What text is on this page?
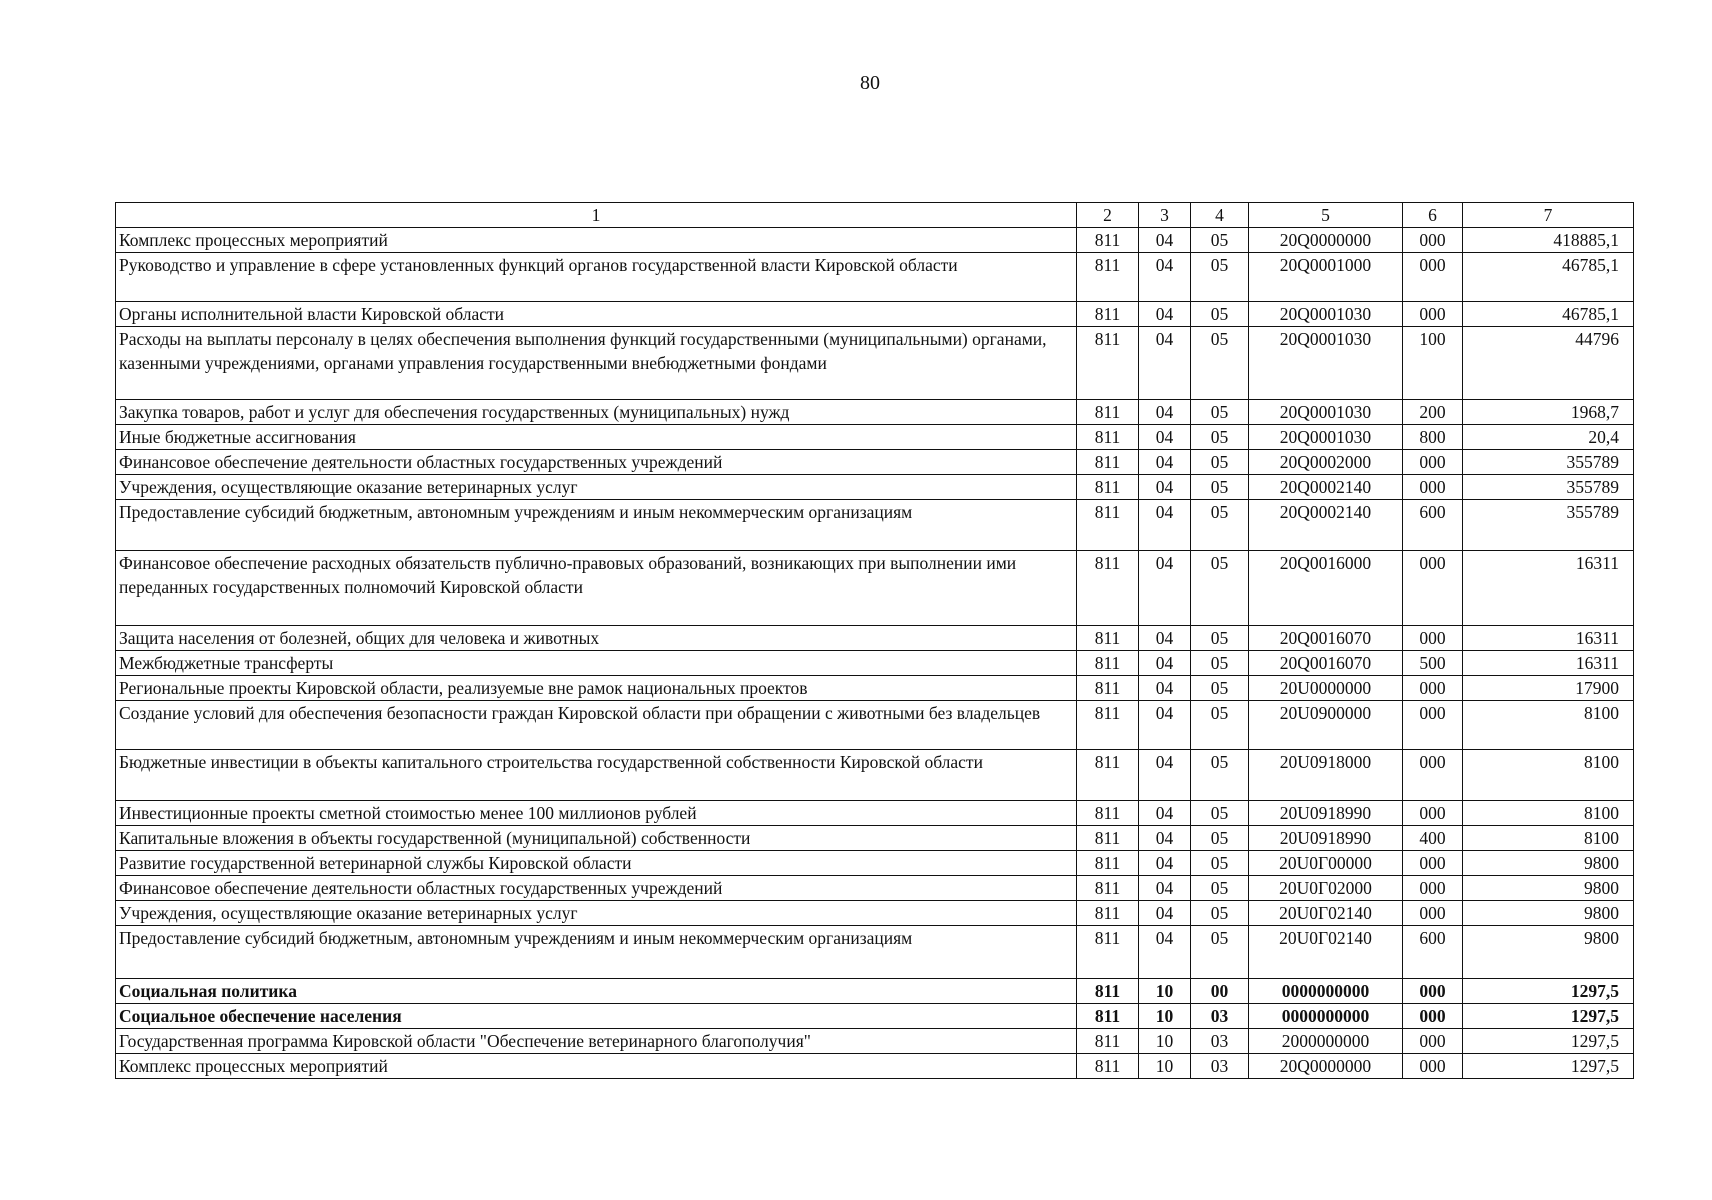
80
1	2	3	4	5	6	7
Комплекс процессных мероприятий	811	04	05	20Q0000000	000	418885,1
Руководство и управление в сфере установленных функций органов государственной власти Кировской области	811	04	05	20Q0001000	000	46785,1
Органы исполнительной власти Кировской области	811	04	05	20Q0001030	000	46785,1
Расходы на выплаты персоналу в целях обеспечения выполнения функций государственными (муниципальными) органами, казенными учреждениями, органами управления государственными внебюджетными фондами	811	04	05	20Q0001030	100	44796
Закупка товаров, работ и услуг для обеспечения государственных (муниципальных) нужд	811	04	05	20Q0001030	200	1968,7
Иные бюджетные ассигнования	811	04	05	20Q0001030	800	20,4
Финансовое обеспечение деятельности областных государственных учреждений	811	04	05	20Q0002000	000	355789
Учреждения, осуществляющие оказание ветеринарных услуг	811	04	05	20Q0002140	000	355789
Предоставление субсидий бюджетным, автономным учреждениям и иным некоммерческим организациям	811	04	05	20Q0002140	600	355789
Финансовое обеспечение расходных обязательств публично-правовых образований, возникающих при выполнении ими переданных государственных полномочий Кировской области	811	04	05	20Q0016000	000	16311
Защита населения от болезней, общих для человека и животных	811	04	05	20Q0016070	000	16311
Межбюджетные трансферты	811	04	05	20Q0016070	500	16311
Региональные проекты Кировской области, реализуемые вне рамок национальных проектов	811	04	05	20U0000000	000	17900
Создание условий для обеспечения безопасности граждан Кировской области при обращении с животными без владельцев	811	04	05	20U0900000	000	8100
Бюджетные инвестиции в объекты капитального строительства государственной собственности Кировской области	811	04	05	20U0918000	000	8100
Инвестиционные проекты сметной стоимостью менее 100 миллионов рублей	811	04	05	20U0918990	000	8100
Капитальные вложения в объекты государственной (муниципальной) собственности	811	04	05	20U0918990	400	8100
Развитие государственной ветеринарной службы Кировской области	811	04	05	20U0Г00000	000	9800
Финансовое обеспечение деятельности областных государственных учреждений	811	04	05	20U0Г02000	000	9800
Учреждения, осуществляющие оказание ветеринарных услуг	811	04	05	20U0Г02140	000	9800
Предоставление субсидий бюджетным, автономным учреждениям и иным некоммерческим организациям	811	04	05	20U0Г02140	600	9800
Социальная политика	811	10	00	0000000000	000	1297,5
Социальное обеспечение населения	811	10	03	0000000000	000	1297,5
Государственная программа Кировской области "Обеспечение ветеринарного благополучия"	811	10	03	2000000000	000	1297,5
Комплекс процессных мероприятий	811	10	03	20Q0000000	000	1297,5
